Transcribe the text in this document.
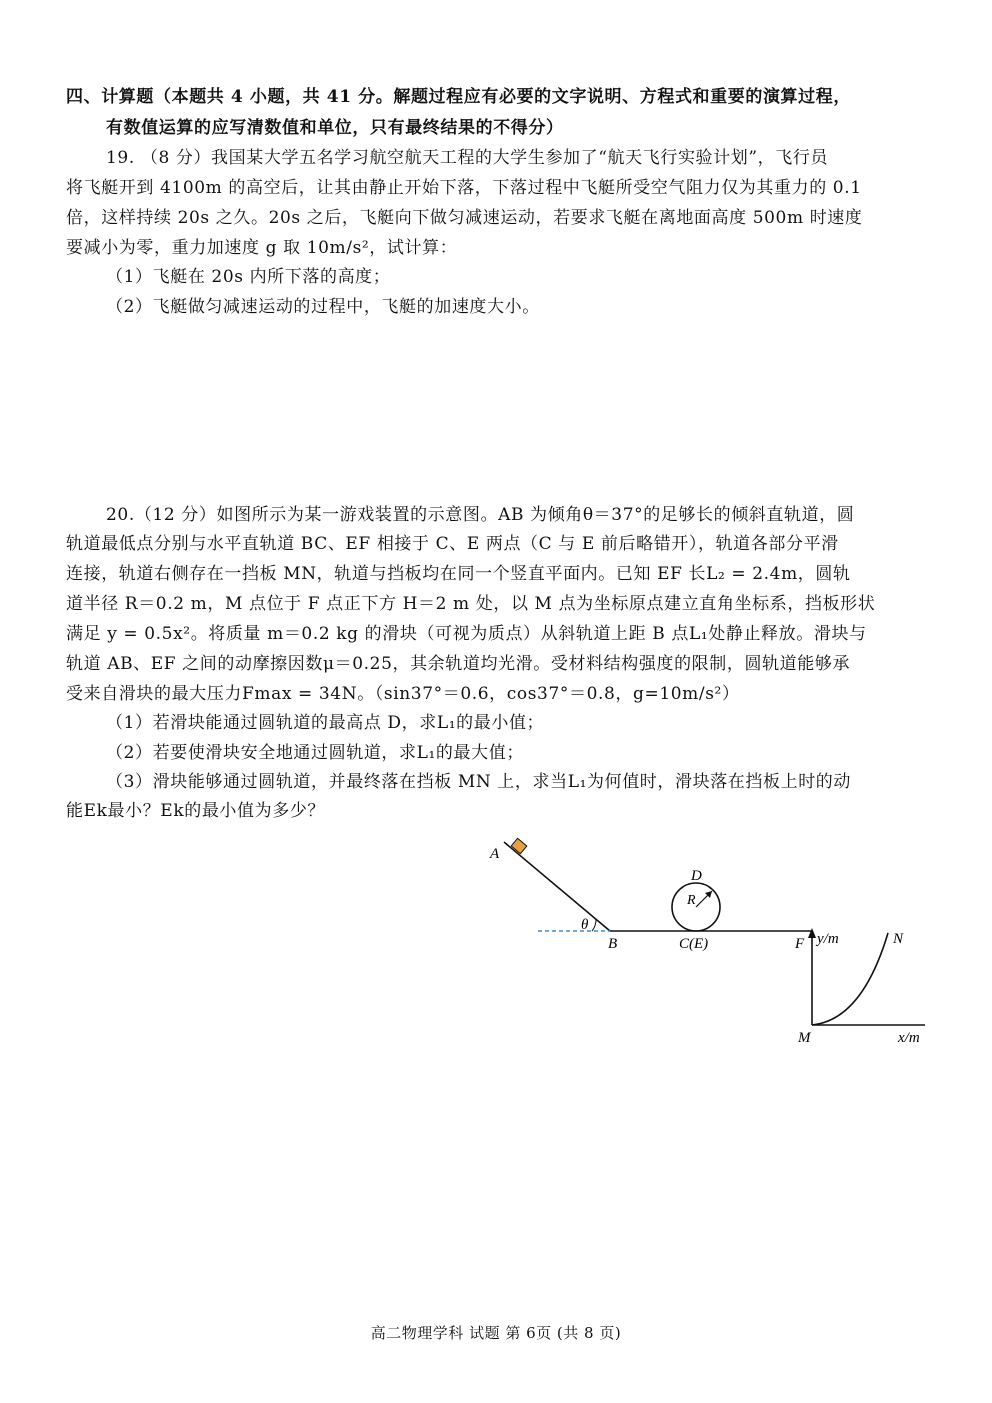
四、计算题（本题共 4 小题，共 41 分。解题过程应有必要的文字说明、方程式和重要的演算过程，
有数值运算的应写清数值和单位，只有最终结果的不得分）
19. （8 分）我国某大学五名学习航空航天工程的大学生参加了“航天飞行实验计划”，飞行员
将飞艇开到 4100m 的高空后，让其由静止开始下落，下落过程中飞艇所受空气阻力仅为其重力的 0.1
倍，这样持续 20s 之久。20s 之后，飞艇向下做匀减速运动，若要求飞艇在离地面高度 500m 时速度
要减小为零，重力加速度 g 取 10m/s²，试计算：
（1）飞艇在 20s 内所下落的高度；
（2）飞艇做匀减速运动的过程中，飞艇的加速度大小。
20.（12 分）如图所示为某一游戏装置的示意图。AB 为倾角θ＝37°的足够长的倾斜直轨道，圆
轨道最低点分别与水平直轨道 BC、EF 相接于 C、E 两点（C 与 E 前后略错开），轨道各部分平滑
连接，轨道右侧存在一挡板 MN，轨道与挡板均在同一个竖直平面内。已知 EF 长L₂ = 2.4m，圆轨
道半径 R＝0.2 m，M 点位于 F 点正下方 H＝2 m 处，以 M 点为坐标原点建立直角坐标系，挡板形状
满足 y = 0.5x²。将质量 m＝0.2 kg 的滑块（可视为质点）从斜轨道上距 B 点L₁处静止释放。滑块与
轨道 AB、EF 之间的动摩擦因数μ＝0.25，其余轨道均光滑。受材料结构强度的限制，圆轨道能够承
受来自滑块的最大压力Fmax = 34N。（sin37°＝0.6，cos37°＝0.8，g=10m/s²）
（1）若滑块能通过圆轨道的最高点 D，求L₁的最小值；
（2）若要使滑块安全地通过圆轨道，求L₁的最大值；
（3）滑块能够通过圆轨道，并最终落在挡板 MN 上，求当L₁为何值时，滑块落在挡板上时的动
能Ek最小？Ek的最小值为多少？
A
θ
B
D
R
C(E)	F y/m	N
M	x/m
高二物理学科 试题 第 6页 (共 8 页)
